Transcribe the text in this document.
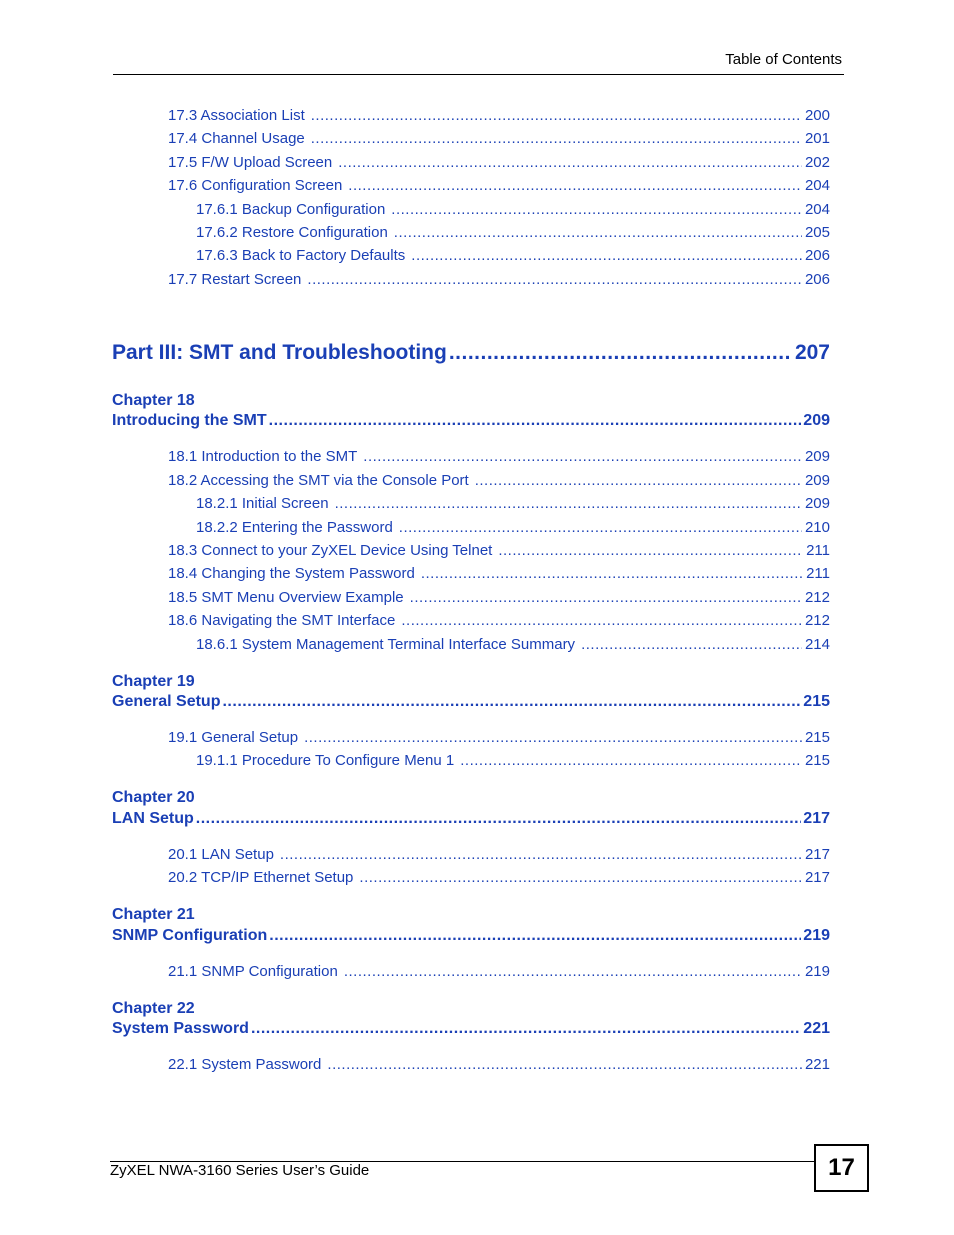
Table of Contents
17.3 Association List .....	200
17.4 Channel Usage .....	201
17.5 F/W Upload Screen .....	202
17.6 Configuration Screen .....	204
17.6.1 Backup Configuration .....	204
17.6.2 Restore Configuration .....	205
17.6.3 Back to Factory Defaults .....	206
17.7 Restart Screen .....	206
Part III: SMT and Troubleshooting .....	207
Chapter 18
Introducing the SMT .....	209
18.1 Introduction to the SMT .....	209
18.2 Accessing the SMT via the Console Port .....	209
18.2.1 Initial Screen .....	209
18.2.2 Entering the Password .....	210
18.3 Connect to your ZyXEL Device Using Telnet .....	211
18.4 Changing the System Password .....	211
18.5 SMT Menu Overview Example .....	212
18.6 Navigating the SMT Interface .....	212
18.6.1 System Management Terminal Interface Summary .....	214
Chapter 19
General Setup .....	215
19.1 General Setup .....	215
19.1.1 Procedure To Configure Menu 1 .....	215
Chapter 20
LAN Setup .....	217
20.1 LAN Setup .....	217
20.2 TCP/IP Ethernet Setup .....	217
Chapter 21
SNMP Configuration .....	219
21.1 SNMP Configuration .....	219
Chapter 22
System Password .....	221
22.1 System Password .....	221
ZyXEL NWA-3160 Series User’s Guide	17
